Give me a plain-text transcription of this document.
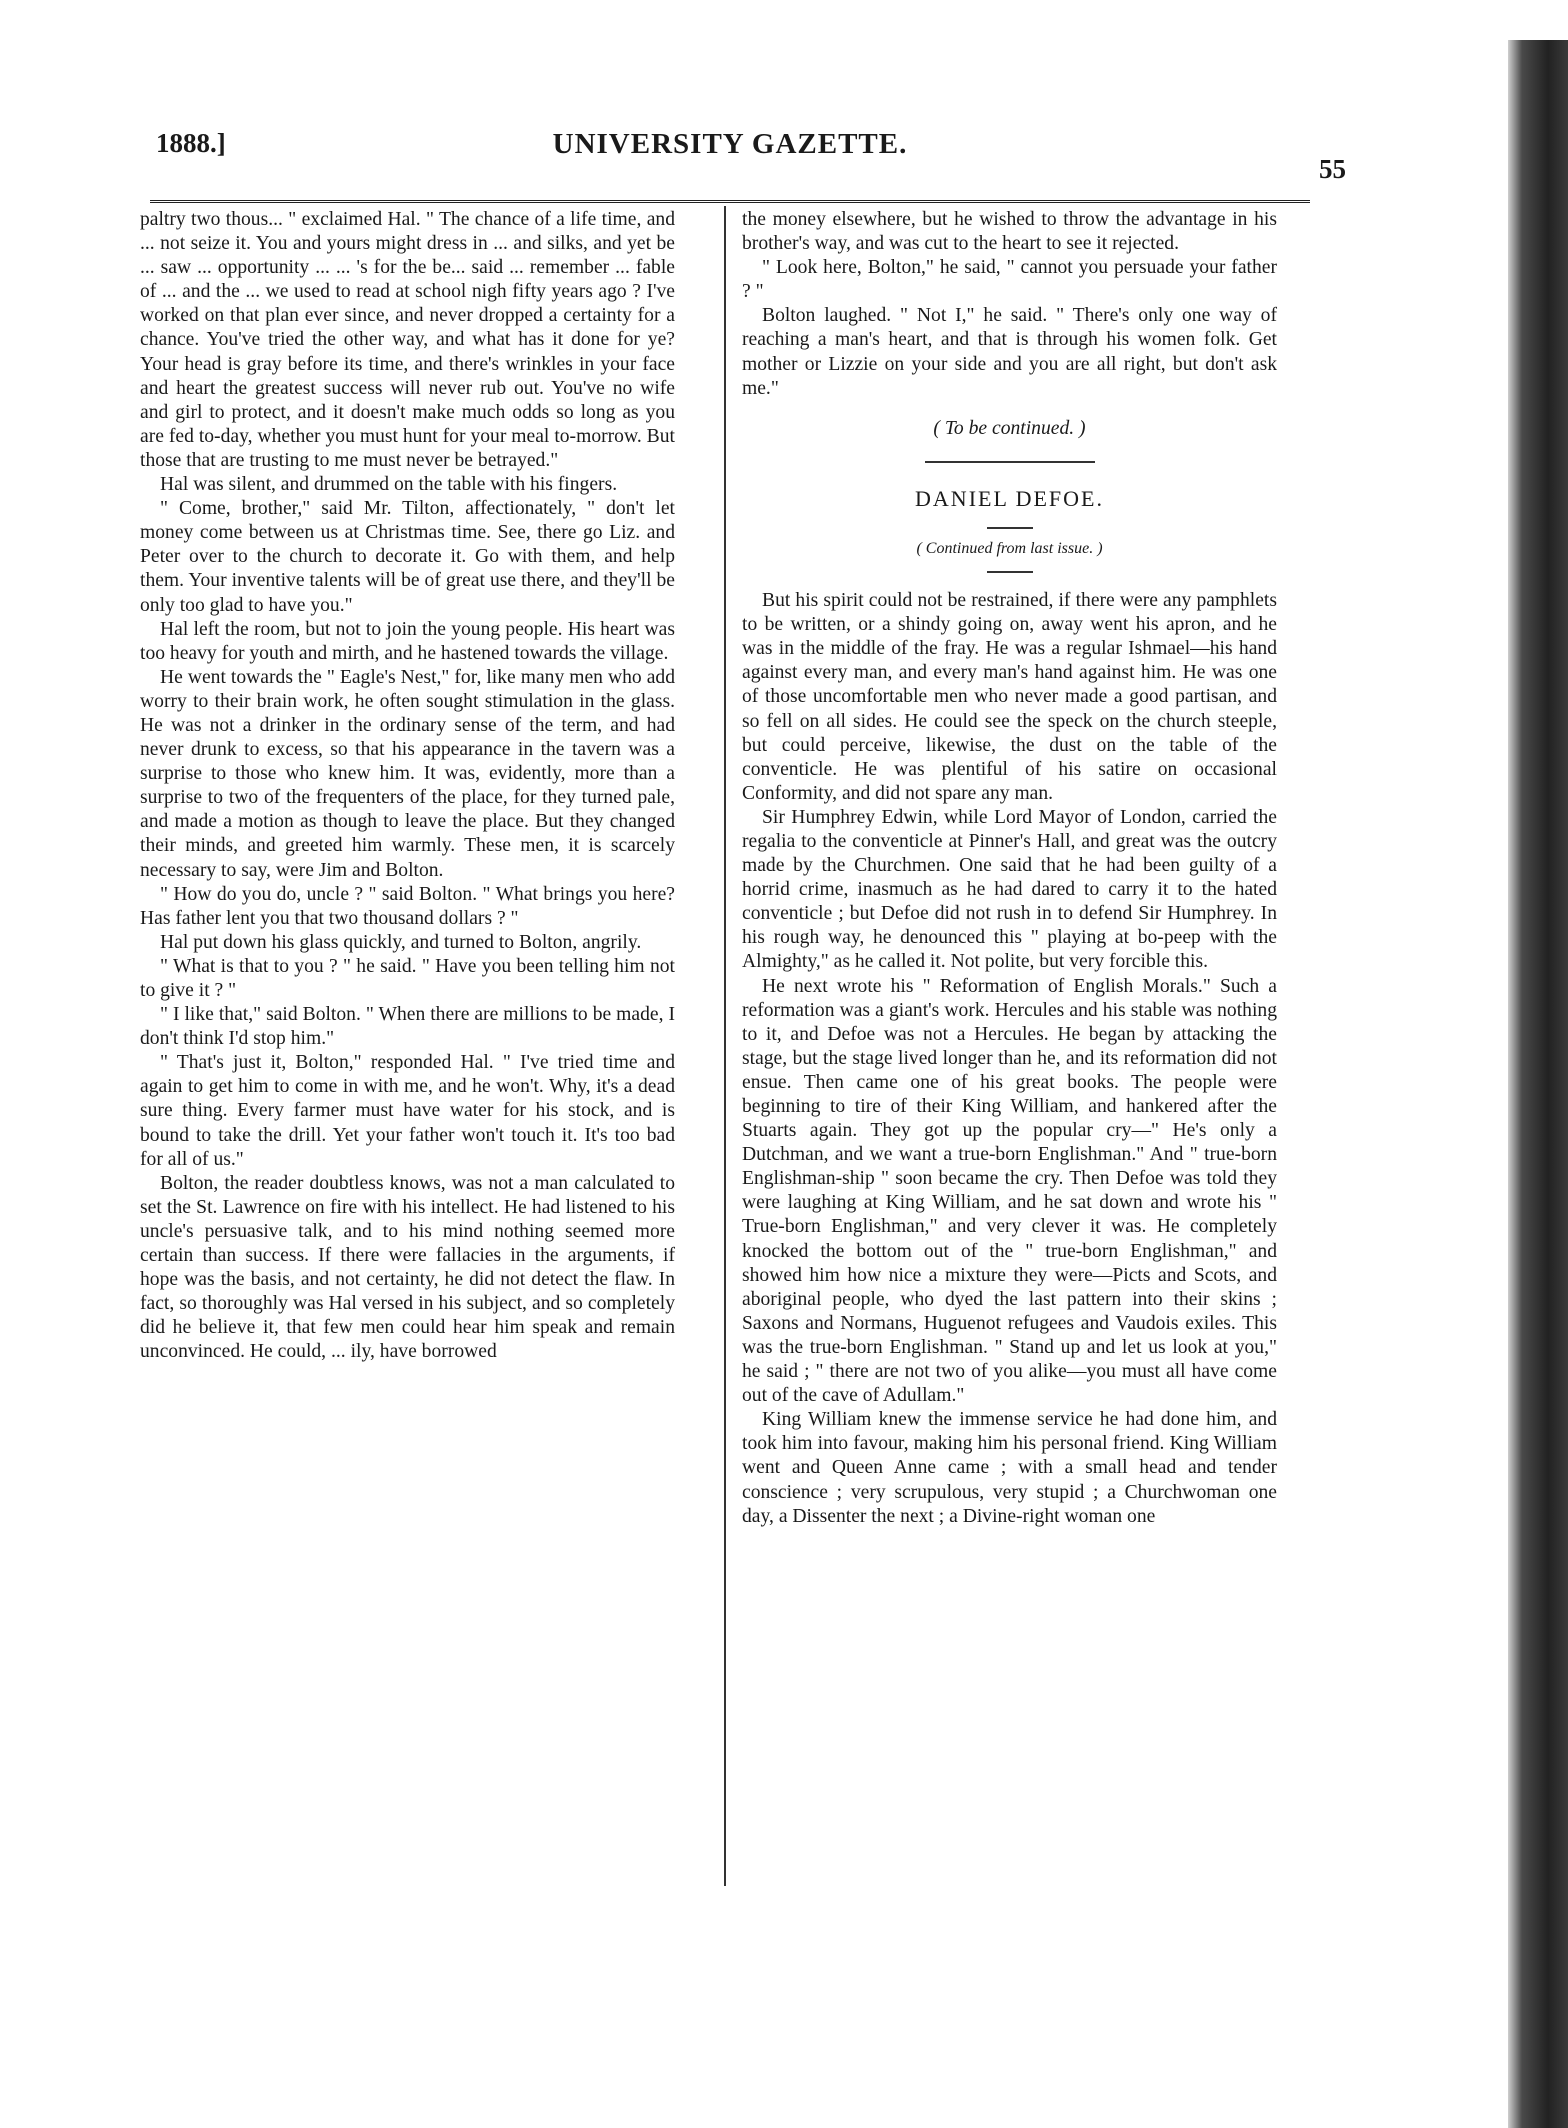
1888.]	UNIVERSITY GAZETTE.
55

paltry two thous... " exclaimed Hal. " The chance of a life time, and ... not seize it. You and yours might dress in ... and silks, and yet be ... saw ... opportunity ... ... 's for the be... said ... remember ... fable of ... and the ... we used to read at school nigh fifty years ago ? I've worked on that plan ever since, and never dropped a certainty for a chance. You've tried the other way, and what has it done for ye? Your head is gray before its time, and there's wrinkles in your face and heart the greatest success will never rub out. You've no wife and girl to protect, and it doesn't make much odds so long as you are fed to-day, whether you must hunt for your meal to-morrow. But those that are trusting to me must never be betrayed."

Hal was silent, and drummed on the table with his fingers.

" Come, brother," said Mr. Tilton, affectionately, " don't let money come between us at Christmas time. See, there go Liz. and Peter over to the church to decorate it. Go with them, and help them. Your inventive talents will be of great use there, and they'll be only too glad to have you."

Hal left the room, but not to join the young people. His heart was too heavy for youth and mirth, and he hastened towards the village.

He went towards the " Eagle's Nest," for, like many men who add worry to their brain work, he often sought stimulation in the glass. He was not a drinker in the ordinary sense of the term, and had never drunk to excess, so that his appearance in the tavern was a surprise to those who knew him. It was, evidently, more than a surprise to two of the frequenters of the place, for they turned pale, and made a motion as though to leave the place. But they changed their minds, and greeted him warmly. These men, it is scarcely necessary to say, were Jim and Bolton.

" How do you do, uncle ? " said Bolton. " What brings you here? Has father lent you that two thousand dollars ? "

Hal put down his glass quickly, and turned to Bolton, angrily.

" What is that to you ? " he said. " Have you been telling him not to give it ? "

" I like that," said Bolton. " When there are millions to be made, I don't think I'd stop him."

" That's just it, Bolton," responded Hal. " I've tried time and again to get him to come in with me, and he won't. Why, it's a dead sure thing. Every farmer must have water for his stock, and is bound to take the drill. Yet your father won't touch it. It's too bad for all of us."

Bolton, the reader doubtless knows, was not a man calculated to set the St. Lawrence on fire with his intellect. He had listened to his uncle's persuasive talk, and to his mind nothing seemed more certain than success. If there were fallacies in the arguments, if hope was the basis, and not certainty, he did not detect the flaw. In fact, so thoroughly was Hal versed in his subject, and so completely did he believe it, that few men could hear him speak and remain unconvinced. He could, ... ily, have borrowed

the money elsewhere, but he wished to throw the advantage in his brother's way, and was cut to the heart to see it rejected.

" Look here, Bolton," he said, " cannot you persuade your father ? "

Bolton laughed. " Not I," he said. " There's only one way of reaching a man's heart, and that is through his women folk. Get mother or Lizzie on your side and you are all right, but don't ask me."

( To be continued. )

DANIEL DEFOE.

( Continued from last issue. )

But his spirit could not be restrained, if there were any pamphlets to be written, or a shindy going on, away went his apron, and he was in the middle of the fray. He was a regular Ishmael—his hand against every man, and every man's hand against him. He was one of those uncomfortable men who never made a good partisan, and so fell on all sides. He could see the speck on the church steeple, but could perceive, likewise, the dust on the table of the conventicle. He was plentiful of his satire on occasional Conformity, and did not spare any man.

Sir Humphrey Edwin, while Lord Mayor of London, carried the regalia to the conventicle at Pinner's Hall, and great was the outcry made by the Churchmen. One said that he had been guilty of a horrid crime, inasmuch as he had dared to carry it to the hated conventicle ; but Defoe did not rush in to defend Sir Humphrey. In his rough way, he denounced this " playing at bo-peep with the Almighty," as he called it. Not polite, but very forcible this.

He next wrote his " Reformation of English Morals." Such a reformation was a giant's work. Hercules and his stable was nothing to it, and Defoe was not a Hercules. He began by attacking the stage, but the stage lived longer than he, and its reformation did not ensue. Then came one of his great books. The people were beginning to tire of their King William, and hankered after the Stuarts again. They got up the popular cry—" He's only a Dutchman, and we want a true-born Englishman." And " true-born Englishman-ship " soon became the cry. Then Defoe was told they were laughing at King William, and he sat down and wrote his " True-born Englishman," and very clever it was. He completely knocked the bottom out of the " true-born Englishman," and showed him how nice a mixture they were—Picts and Scots, and aboriginal people, who dyed the last pattern into their skins ; Saxons and Normans, Huguenot refugees and Vaudois exiles. This was the true-born Englishman. " Stand up and let us look at you," he said ; " there are not two of you alike—you must all have come out of the cave of Adullam."

King William knew the immense service he had done him, and took him into favour, making him his personal friend. King William went and Queen Anne came ; with a small head and tender conscience ; very scrupulous, very stupid ; a Churchwoman one day, a Dissenter the next ; a Divine-right woman one
